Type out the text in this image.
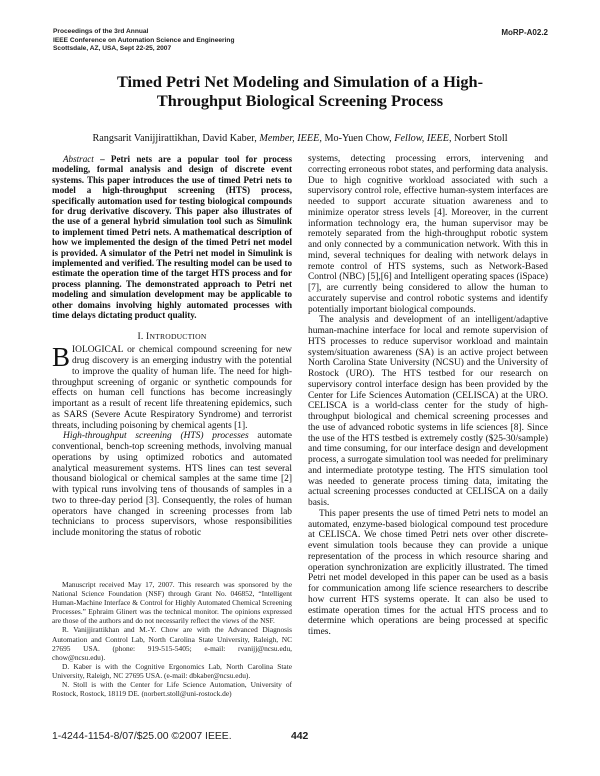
Proceedings of the 3rd Annual
IEEE Conference on Automation Science and Engineering
Scottsdale, AZ, USA, Sept 22-25, 2007
MoRP-A02.2
Timed Petri Net Modeling and Simulation of a High-Throughput Biological Screening Process
Rangsarit Vanijjirattikhan, David Kaber, Member, IEEE, Mo-Yuen Chow, Fellow, IEEE, Norbert Stoll

Abstract – Petri nets are a popular tool for process modeling, formal analysis and design of discrete event systems. This paper introduces the use of timed Petri nets to model a high-throughput screening (HTS) process, specifically automation used for testing biological compounds for drug derivative discovery. This paper also illustrates of the use of a general hybrid simulation tool such as Simulink to implement timed Petri nets. A mathematical description of how we implemented the design of the timed Petri net model is provided. A simulator of the Petri net model in Simulink is implemented and verified. The resulting model can be used to estimate the operation time of the target HTS process and for process planning. The demonstrated approach to Petri net modeling and simulation development may be applicable to other domains involving highly automated processes with time delays dictating product quality.

I. INTRODUCTION

BIOLOGICAL or chemical compound screening for new drug discovery is an emerging industry with the potential to improve the quality of human life. The need for high-throughput screening of organic or synthetic compounds for effects on human cell functions has become increasingly important as a result of recent life threatening epidemics, such as SARS (Severe Acute Respiratory Syndrome) and terrorist threats, including poisoning by chemical agents [1].

High-throughput screening (HTS) processes automate conventional, bench-top screening methods, involving manual operations by using optimized robotics and automated analytical measurement systems. HTS lines can test several thousand biological or chemical samples at the same time [2] with typical runs involving tens of thousands of samples in a two to three-day period [3]. Consequently, the roles of human operators have changed in screening processes from lab technicians to process supervisors, whose responsibilities include monitoring the status of robotic

Manuscript received May 17, 2007. This research was sponsored by the National Science Foundation (NSF) through Grant No. 046852, “Intelligent Human-Machine Interface & Control for Highly Automated Chemical Screening Processes.” Ephraim Glinert was the technical monitor. The opinions expressed are those of the authors and do not necessarily reflect the views of the NSF.

R. Vanijjirattikhan and M.-Y. Chow are with the Advanced Diagnosis Automation and Control Lab, North Carolina State University, Raleigh, NC 27695 USA. (phone: 919-515-5405; e-mail: rvanijj@ncsu.edu, chow@ncsu.edu).

D. Kaber is with the Cognitive Ergonomics Lab, North Carolina State University, Raleigh, NC 27695 USA. (e-mail: dbkaber@ncsu.edu).

N. Stoll is with the Center for Life Science Automation, University of Rostock, Rostock, 18119 DE. (norbert.stoll@uni-rostock.de)

systems, detecting processing errors, intervening and correcting erroneous robot states, and performing data analysis. Due to high cognitive workload associated with such a supervisory control role, effective human-system interfaces are needed to support accurate situation awareness and to minimize operator stress levels [4]. Moreover, in the current information technology era, the human supervisor may be remotely separated from the high-throughput robotic system and only connected by a communication network. With this in mind, several techniques for dealing with network delays in remote control of HTS systems, such as Network-Based Control (NBC) [5],[6] and Intelligent operating spaces (iSpace) [7], are currently being considered to allow the human to accurately supervise and control robotic systems and identify potentially important biological compounds.

The analysis and development of an intelligent/adaptive human-machine interface for local and remote supervision of HTS processes to reduce supervisor workload and maintain system/situation awareness (SA) is an active project between North Carolina State University (NCSU) and the University of Rostock (URO). The HTS testbed for our research on supervisory control interface design has been provided by the Center for Life Sciences Automation (CELISCA) at the URO. CELISCA is a world-class center for the study of high-throughput biological and chemical screening processes and the use of advanced robotic systems in life sciences [8]. Since the use of the HTS testbed is extremely costly ($25-30/sample) and time consuming, for our interface design and development process, a surrogate simulation tool was needed for preliminary and intermediate prototype testing. The HTS simulation tool was needed to generate process timing data, imitating the actual screening processes conducted at CELISCA on a daily basis.

This paper presents the use of timed Petri nets to model an automated, enzyme-based biological compound test procedure at CELISCA. We chose timed Petri nets over other discrete-event simulation tools because they can provide a unique representation of the process in which resource sharing and operation synchronization are explicitly illustrated. The timed Petri net model developed in this paper can be used as a basis for communication among life science researchers to describe how current HTS systems operate. It can also be used to estimate operation times for the actual HTS process and to determine which operations are being processed at specific times.

1-4244-1154-8/07/$25.00 ©2007 IEEE.	442
